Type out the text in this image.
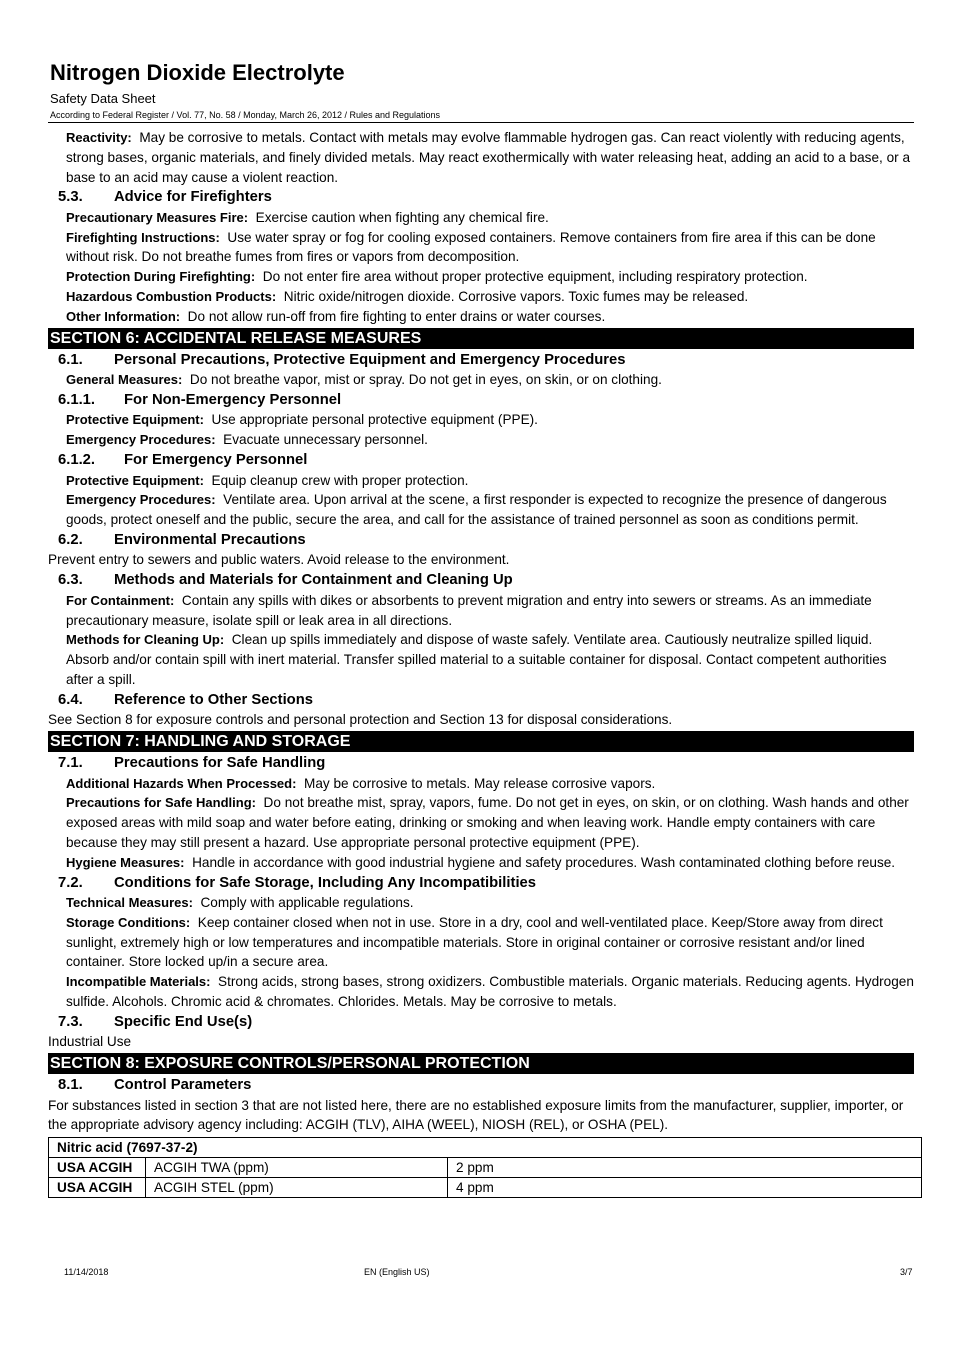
Nitrogen Dioxide Electrolyte
Safety Data Sheet
According to Federal Register / Vol. 77, No. 58 / Monday, March 26, 2012 / Rules and Regulations

Reactivity: May be corrosive to metals. Contact with metals may evolve flammable hydrogen gas. Can react violently with reducing agents, strong bases, organic materials, and finely divided metals. May react exothermically with water releasing heat, adding an acid to a base, or a base to an acid may cause a violent reaction.

5.3. Advice for Firefighters

Precautionary Measures Fire: Exercise caution when fighting any chemical fire.

Firefighting Instructions: Use water spray or fog for cooling exposed containers. Remove containers from fire area if this can be done without risk. Do not breathe fumes from fires or vapors from decomposition.

Protection During Firefighting: Do not enter fire area without proper protective equipment, including respiratory protection.

Hazardous Combustion Products: Nitric oxide/nitrogen dioxide. Corrosive vapors. Toxic fumes may be released.

Other Information: Do not allow run-off from fire fighting to enter drains or water courses.

SECTION 6: ACCIDENTAL RELEASE MEASURES

6.1. Personal Precautions, Protective Equipment and Emergency Procedures

General Measures: Do not breathe vapor, mist or spray. Do not get in eyes, on skin, or on clothing.

6.1.1. For Non-Emergency Personnel

Protective Equipment: Use appropriate personal protective equipment (PPE).

Emergency Procedures: Evacuate unnecessary personnel.

6.1.2. For Emergency Personnel

Protective Equipment: Equip cleanup crew with proper protection.

Emergency Procedures: Ventilate area. Upon arrival at the scene, a first responder is expected to recognize the presence of dangerous goods, protect oneself and the public, secure the area, and call for the assistance of trained personnel as soon as conditions permit.

6.2. Environmental Precautions

Prevent entry to sewers and public waters. Avoid release to the environment.

6.3. Methods and Materials for Containment and Cleaning Up

For Containment: Contain any spills with dikes or absorbents to prevent migration and entry into sewers or streams. As an immediate precautionary measure, isolate spill or leak area in all directions.

Methods for Cleaning Up: Clean up spills immediately and dispose of waste safely. Ventilate area. Cautiously neutralize spilled liquid. Absorb and/or contain spill with inert material. Transfer spilled material to a suitable container for disposal. Contact competent authorities after a spill.

6.4. Reference to Other Sections

See Section 8 for exposure controls and personal protection and Section 13 for disposal considerations.

SECTION 7: HANDLING AND STORAGE

7.1. Precautions for Safe Handling

Additional Hazards When Processed: May be corrosive to metals. May release corrosive vapors.

Precautions for Safe Handling: Do not breathe mist, spray, vapors, fume. Do not get in eyes, on skin, or on clothing. Wash hands and other exposed areas with mild soap and water before eating, drinking or smoking and when leaving work. Handle empty containers with care because they may still present a hazard. Use appropriate personal protective equipment (PPE).

Hygiene Measures: Handle in accordance with good industrial hygiene and safety procedures. Wash contaminated clothing before reuse.

7.2. Conditions for Safe Storage, Including Any Incompatibilities

Technical Measures: Comply with applicable regulations.

Storage Conditions: Keep container closed when not in use. Store in a dry, cool and well-ventilated place. Keep/Store away from direct sunlight, extremely high or low temperatures and incompatible materials. Store in original container or corrosive resistant and/or lined container. Store locked up/in a secure area.

Incompatible Materials: Strong acids, strong bases, strong oxidizers. Combustible materials. Organic materials. Reducing agents. Hydrogen sulfide. Alcohols. Chromic acid & chromates. Chlorides. Metals. May be corrosive to metals.

7.3. Specific End Use(s)

Industrial Use

SECTION 8: EXPOSURE CONTROLS/PERSONAL PROTECTION

8.1. Control Parameters

For substances listed in section 3 that are not listed here, there are no established exposure limits from the manufacturer, supplier, importer, or the appropriate advisory agency including: ACGIH (TLV), AIHA (WEEL), NIOSH (REL), or OSHA (PEL).

Nitric acid (7697-37-2)		
USA ACGIH	ACGIH TWA (ppm)	2 ppm
USA ACGIH	ACGIH STEL (ppm)	4 ppm
11/14/2018	EN (English US)	3/7
